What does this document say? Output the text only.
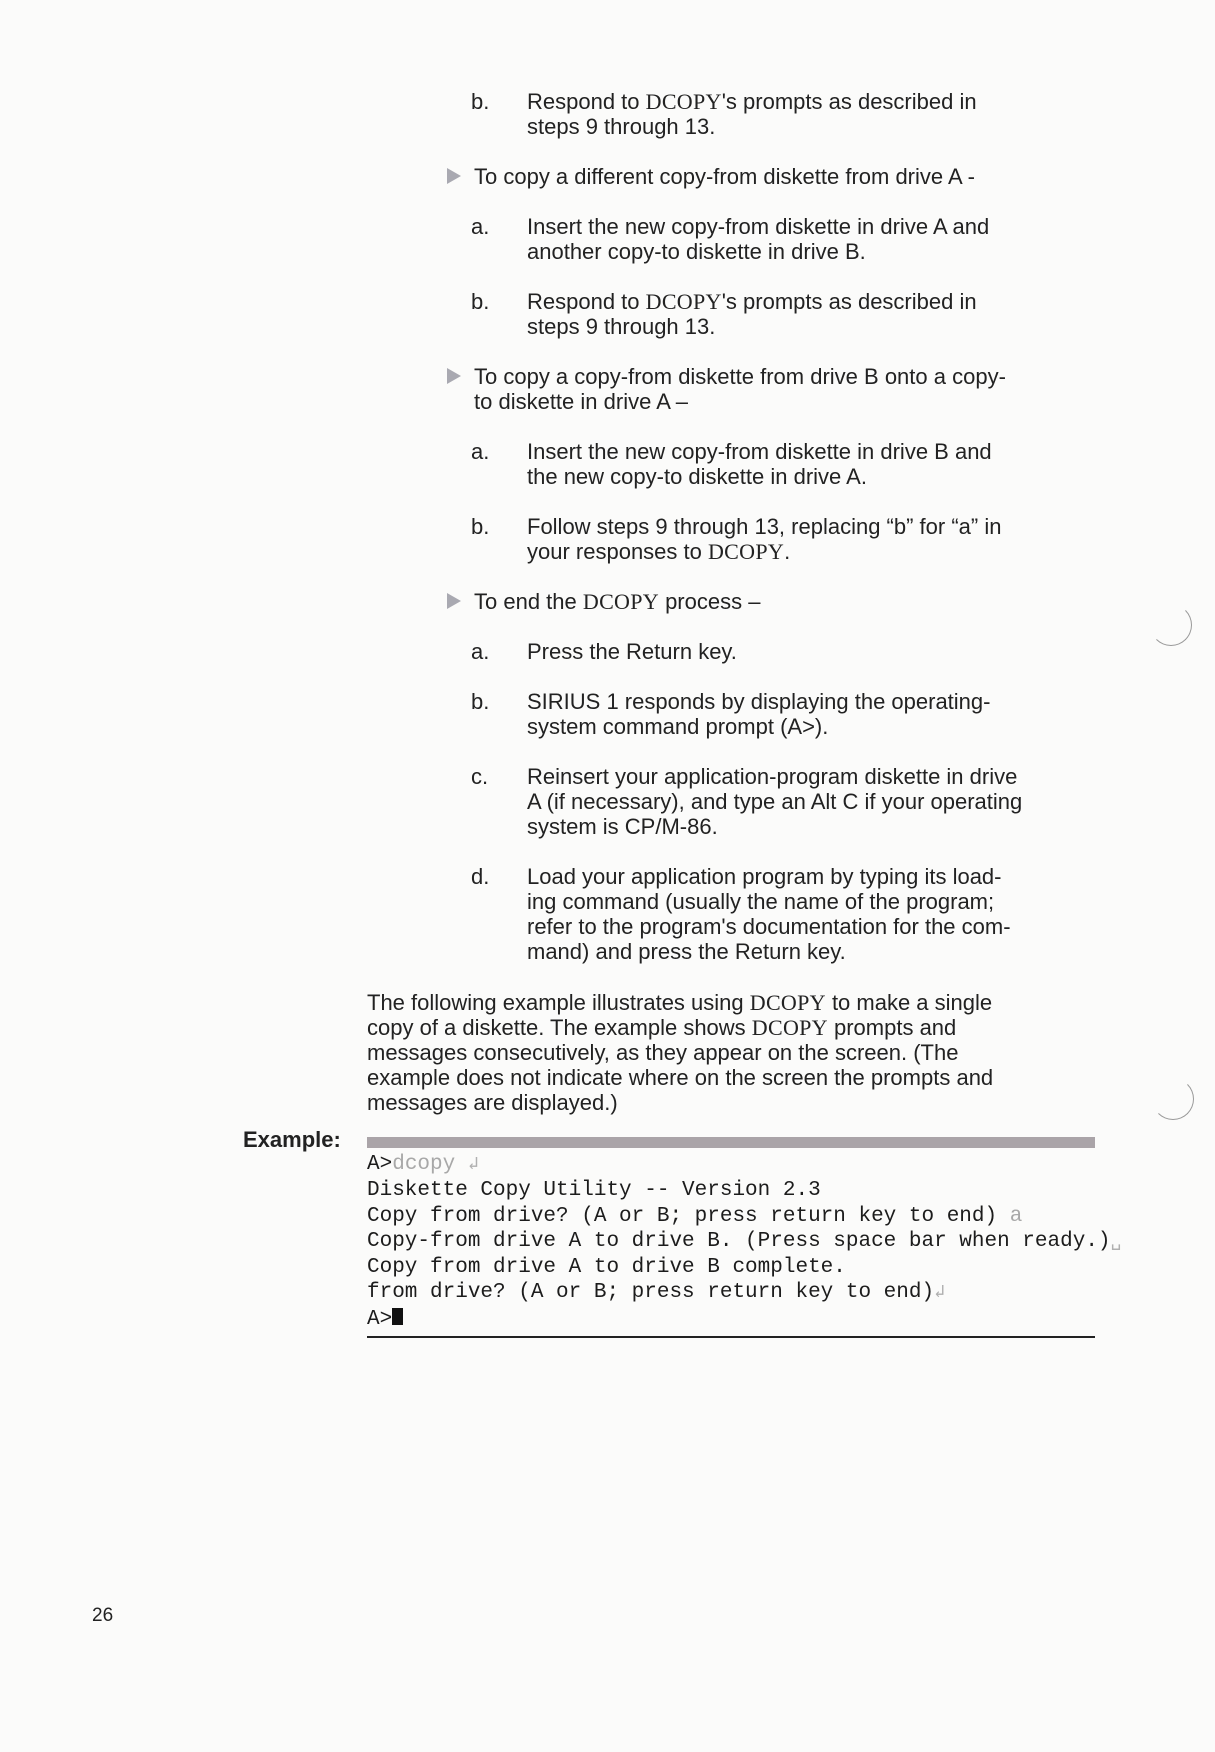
b.	Respond to DCOPY's prompts as described in
steps 9 through 13.
To copy a different copy-from diskette from drive A -
a.	Insert the new copy-from diskette in drive A and
another copy-to diskette in drive B.
b.	Respond to DCOPY's prompts as described in
steps 9 through 13.
To copy a copy-from diskette from drive B onto a copy-
to diskette in drive A –
a.	Insert the new copy-from diskette in drive B and
the new copy-to diskette in drive A.
b.	Follow steps 9 through 13, replacing “b” for “a” in
your responses to DCOPY.
To end the DCOPY process –
a.	Press the Return key.
b.	SIRIUS 1 responds by displaying the operating-
system command prompt (A>).
c.	Reinsert your application-program diskette in drive
A (if necessary), and type an Alt C if your operating
system is CP/M-86.
d.	Load your application program by typing its load-
ing command (usually the name of the program;
refer to the program's documentation for the com-
mand) and press the Return key.
The following example illustrates using DCOPY to make a single
copy of a diskette. The example shows DCOPY prompts and
messages consecutively, as they appear on the screen. (The
example does not indicate where on the screen the prompts and
messages are displayed.)
Example:
A>dcopy ↲
Diskette Copy Utility -- Version 2.3
Copy from drive? (A or B; press return key to end) a
Copy-from drive A to drive B. (Press space bar when ready.)␣
Copy from drive A to drive B complete.
from drive? (A or B; press return key to end)↲
A>
26
